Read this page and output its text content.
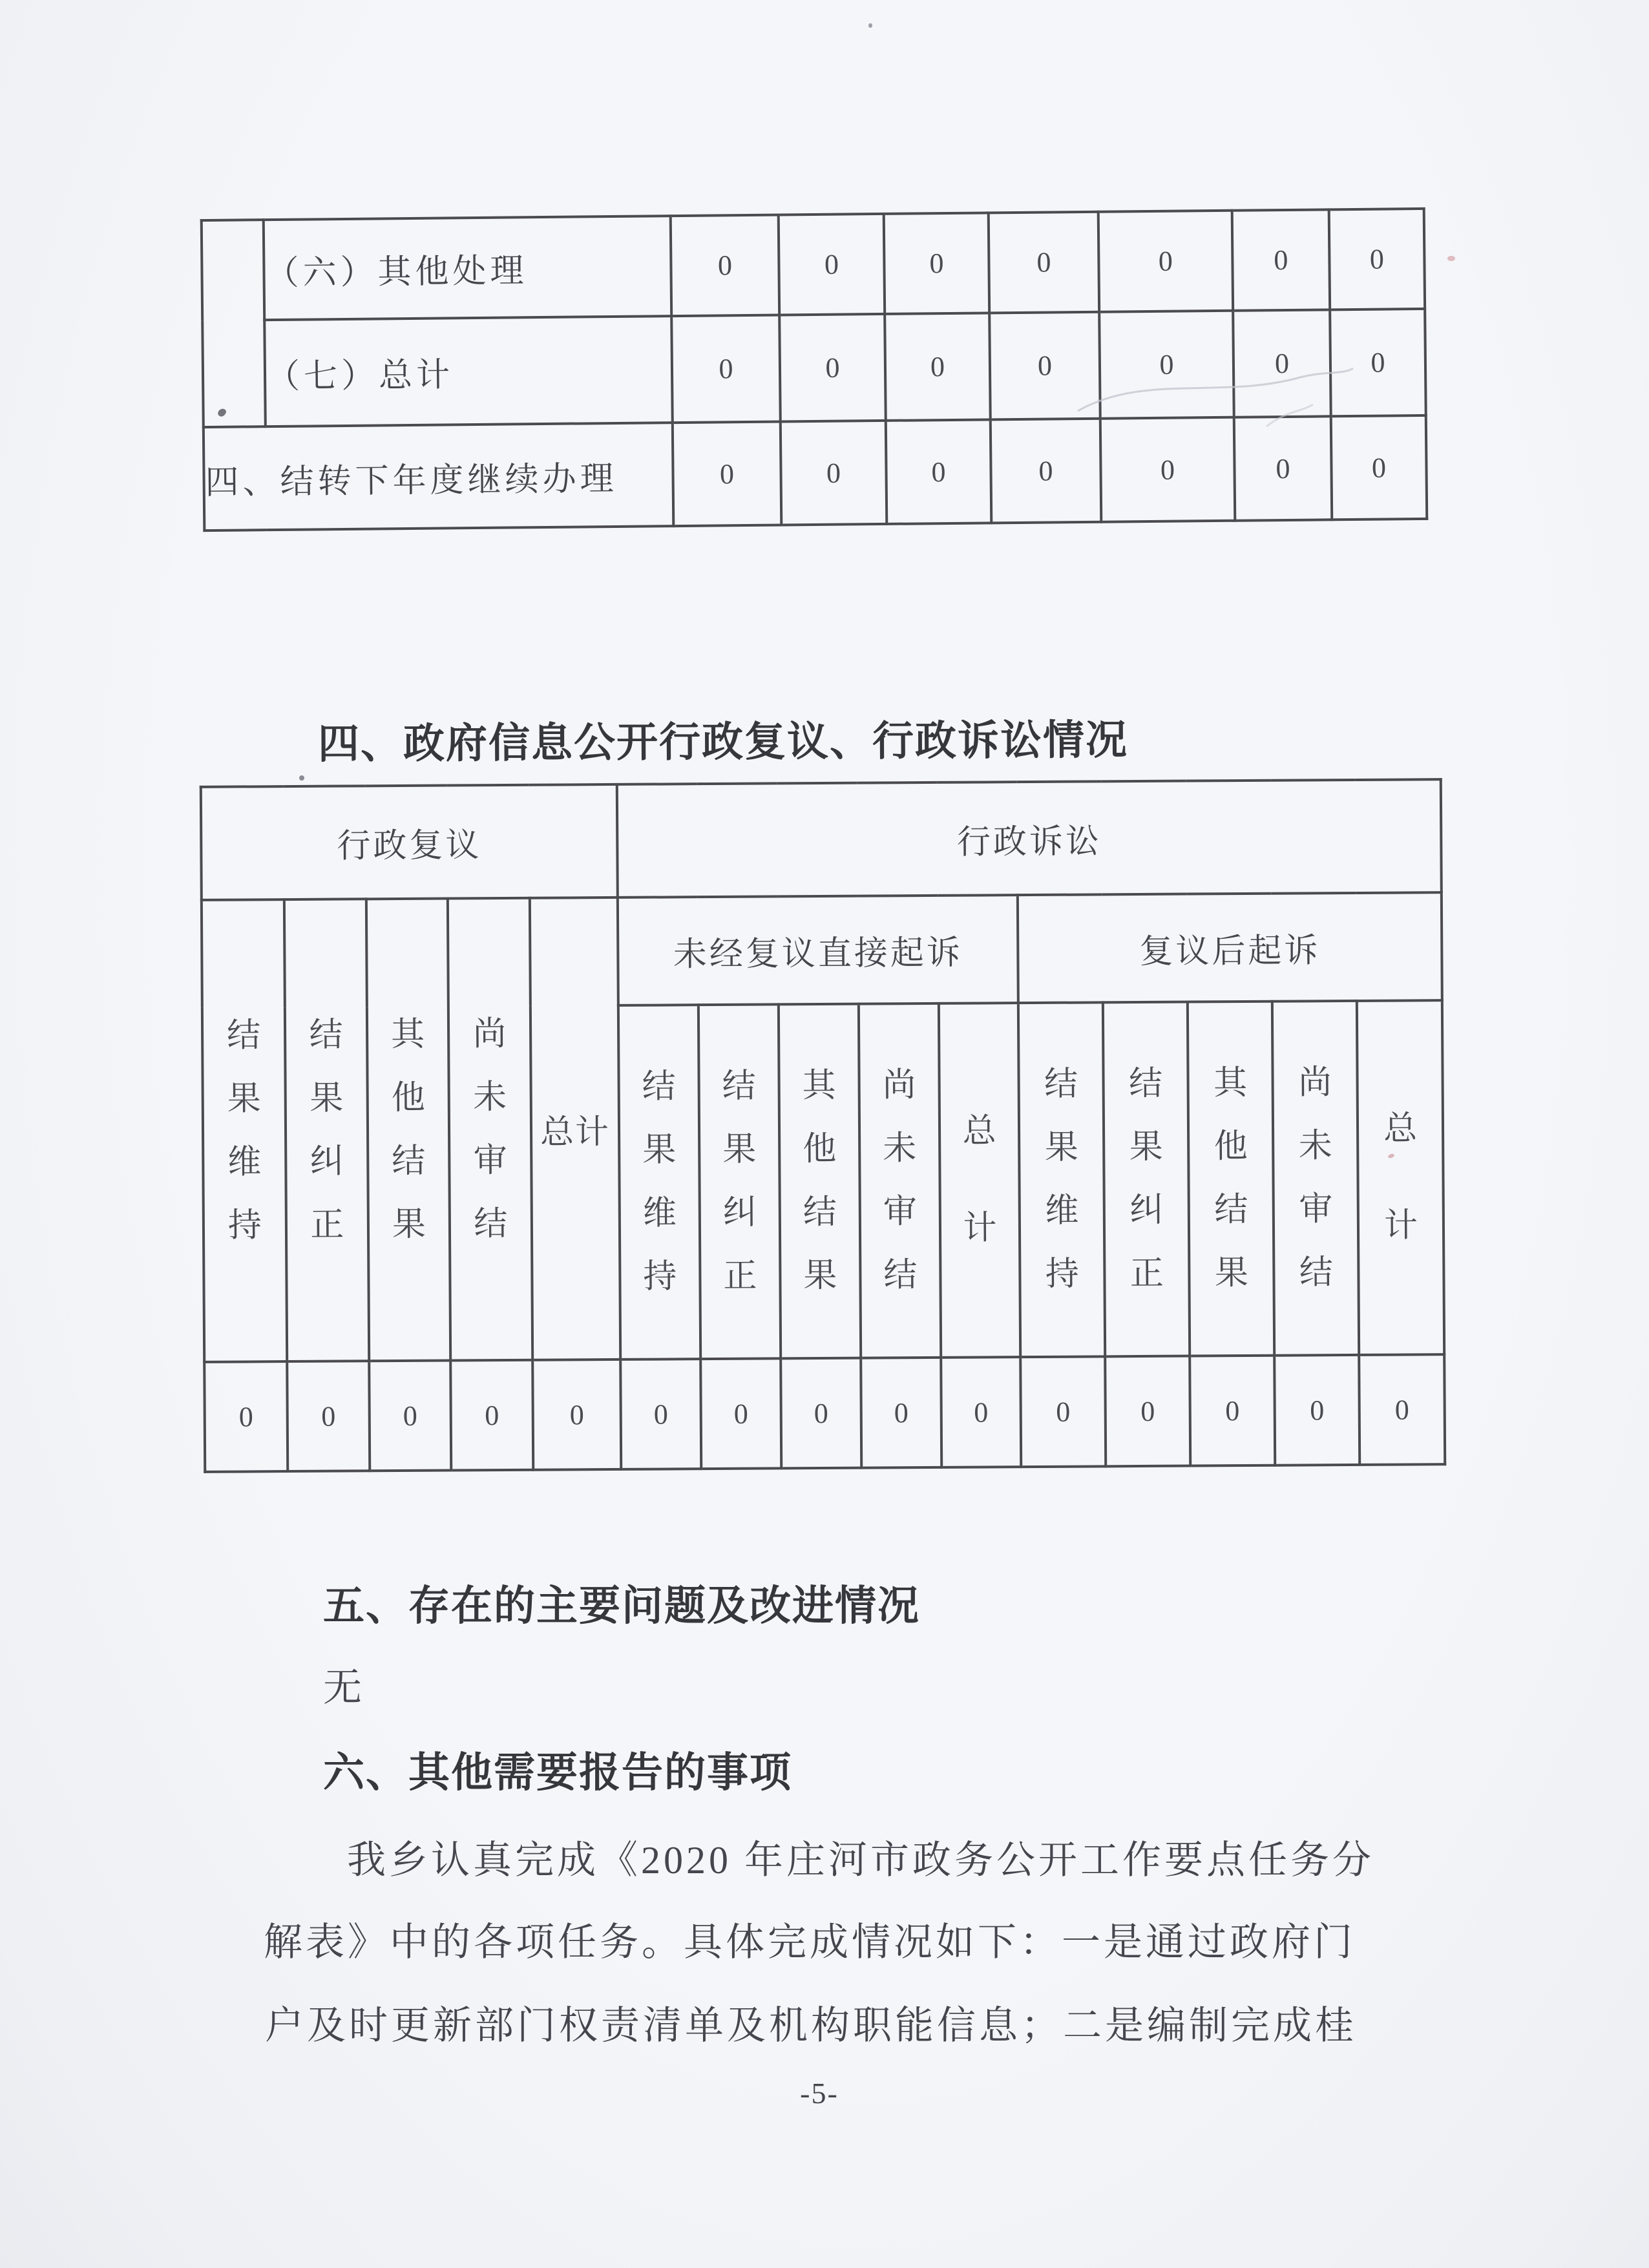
	（六）其他处理	0	0	0	0	0	0	0
	（七）总计	0	0	0	0	0	0	0
四、结转下年度继续办理		0	0	0	0	0	0	0
四、政府信息公开行政复议、行政诉讼情况
行政复议					行政诉讼									
结果维持	结果纠正	其他结果	尚未审结	总计	未经复议直接起诉					复议后起诉				
					结果维持	结果纠正	其他结果	尚未审结	总计	结果维持	结果纠正	其他结果	尚未审结	总计
0	0	0	0	0	0	0	0	0	0	0	0	0	0	0
五、存在的主要问题及改进情况
无
六、其他需要报告的事项
我乡认真完成《2020 年庄河市政务公开工作要点任务分
解表》中的各项任务。具体完成情况如下：一是通过政府门
户及时更新部门权责清单及机构职能信息；二是编制完成桂
-5-
